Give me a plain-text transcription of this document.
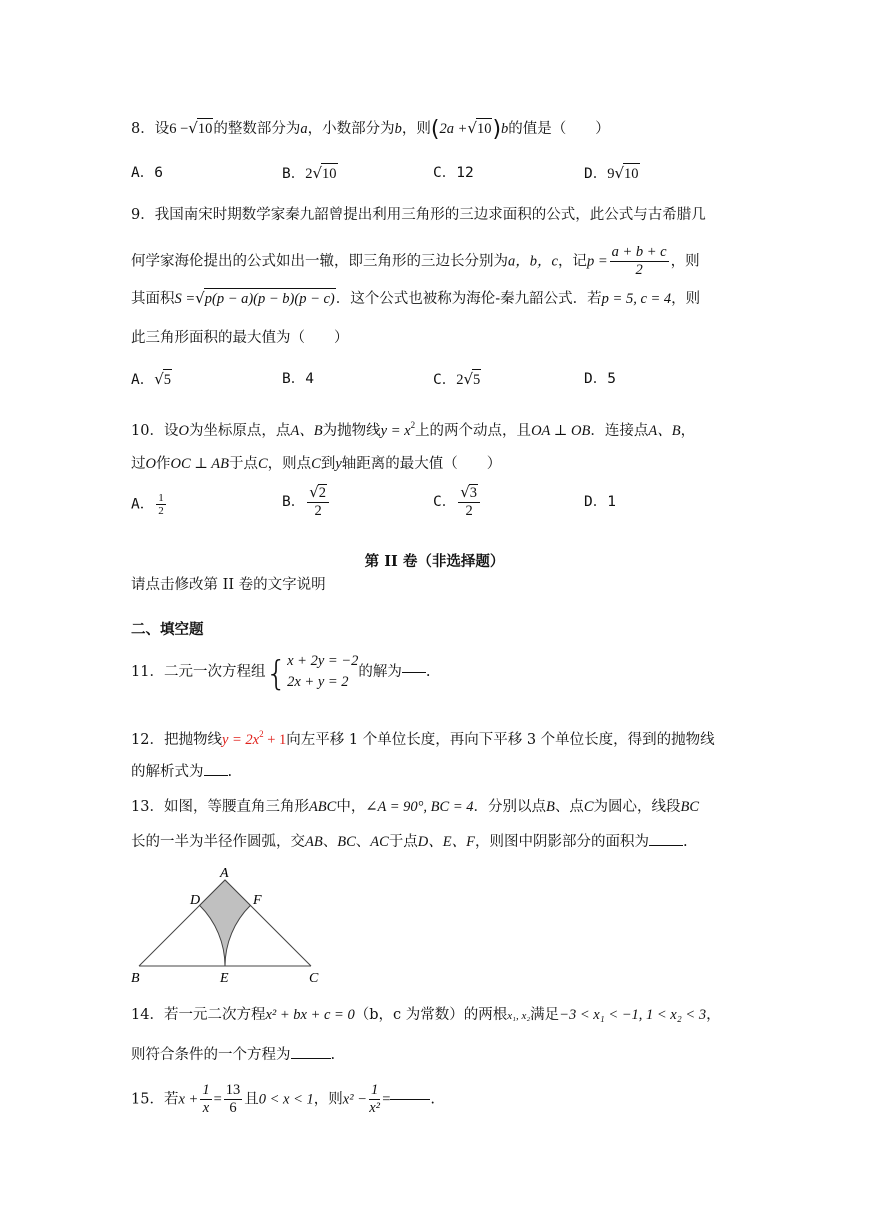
8．设6 −√10的整数部分为a，小数部分为b，则(2a +√10)b的值是（　　）
A．6	B．2√10	C．12	D．9√10
9．我国南宋时期数学家秦九韶曾提出利用三角形的三边求面积的公式，此公式与古希腊几
何学家海伦提出的公式如出一辙，即三角形的三边长分别为a，b，c，记$p = \frac{a + b + c}{2}$ ，则
其面积S =√p(p − a)(p − b)(p − c)．这个公式也被称为海伦-秦九韶公式．若p = 5, c = 4，则
此三角形面积的最大值为（　　）
A．√5	B．4	C．2√5	D．5
10．设O为坐标原点，点A、B为抛物线$y = x^2$上的两个动点，且OA ⊥ OB．连接点A、B，
过O作OC ⊥ AB于点C，则点C到y轴距离的最大值（　　）
A． $\frac{1}{2}$	B． $\frac{√2}{2}$	C． $\frac{√3}{2}$	D．1
第 II 卷（非选择题）
请点击修改第 II 卷的文字说明
二、填空题
11．二元一次方程组{ x + 2y = −2
2x + y = 2
的解为 .
12．把抛物线$y = 2x^2 + 1$向左平移 1 个单位长度，再向下平移 3 个单位长度，得到的抛物线
的解析式为 .
13．如图，等腰直角三角形ABC中，∠A = 90°, BC = 4．分别以点B、点C为圆心，线段BC
长的一半为半径作圆弧，交AB、BC、AC于点D、E、F，则图中阴影部分的面积为 .
A
B	C
D
E
F
14．若一元二次方程x² + bx + c = 0（b，c 为常数）的两根x₁, x₂满足−3 < x₁ < −1, 1 < x₂ < 3，
则符合条件的一个方程为	.
15．若$x + \frac{1}{x} = \frac{13}{6}$ 且0 < x < 1，则$x^2 - \frac{1}{\text{x²}}$ =	.
